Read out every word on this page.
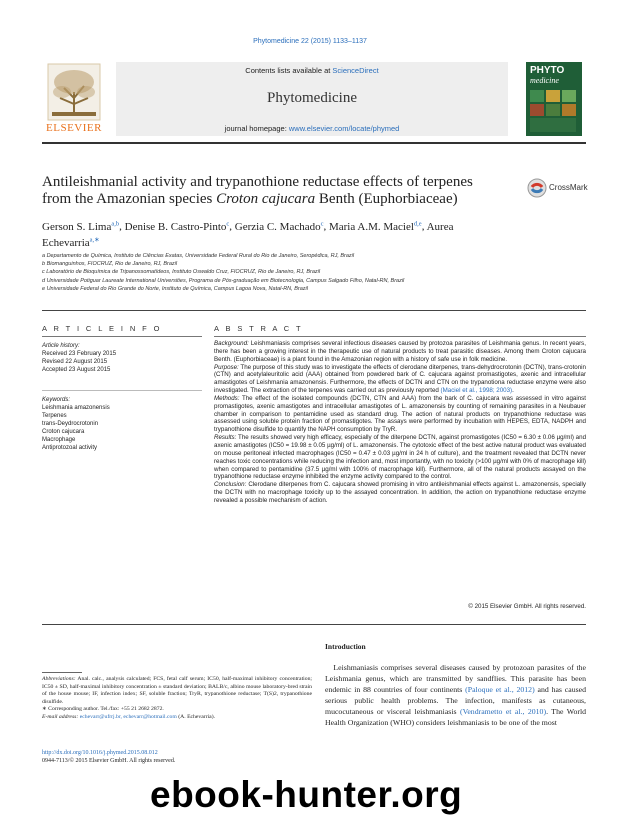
Phytomedicine 22 (2015) 1133–1137
Contents lists available at ScienceDirect
Phytomedicine
journal homepage: www.elsevier.com/locate/phymed
ELSEVIER
PHYTO
medicine
Antileishmanial activity and trypanothione reductase effects of terpenes
from the Amazonian species Croton cajucara Benth (Euphorbiaceae)
CrossMark
Gerson S. Lima$^{a,b}$, Denise B. Castro-Pinto$^c$, Gerzia C. Machado$^c$, Maria A.M. Maciel$^{d,e}$, Aurea Echevarria$^{a,∗}$
a Departamento de Química, Instituto de Ciências Exatas, Universidade Federal Rural do Rio de Janeiro, Seropédica, RJ, Brazil
b Biomanguinhos, FIOCRUZ, Rio de Janeiro, RJ, Brazil
c Laboratório de Bioquímica de Tripanossomatídeos, Instituto Oswaldo Cruz, FIOCRUZ, Rio de Janeiro, RJ, Brazil
d Universidade Potiguar Laureate International Universities, Programa de Pós-graduação em Biotecnologia, Campus Salgado Filho, Natal-RN, Brazil
e Universidade Federal do Rio Grande do Norte, Instituto de Química, Campus Lagoa Nova, Natal-RN, Brazil
A R T I C L E I N F O	A B S T R A C T
Article history:
Received 23 February 2015
Revised 22 August 2015
Accepted 23 August 2015
Keywords:
Leishmania amazonensis
Terpenes
trans-Deydrocrotonin
Croton cajucara
Macrophage
Antiprotozoal activity

Background: Leishmaniasis comprises several infectious diseases caused by protozoa parasites of Leishmania genus. In recent years, there has been a growing interest in the therapeutic use of natural products to treat parasitic diseases. Among them Croton cajucara Benth. (Euphorbiaceae) is a plant found in the Amazonian region with a history of safe use in folk medicine.

Purpose: The purpose of this study was to investigate the effects of clerodane diterpenes, trans-dehydrocrotonin (DCTN), trans-crotonin (CTN) and acetylaleuritolic acid (AAA) obtained from powdered bark of C. cajucara against promastigotes, axenic and intracellular amastigotes of Leishmania amazonensis. Furthermore, the effects of DCTN and CTN on the trypanotiona reductase enzyme were also investigated. The extraction of the terpenes was carried out as previously reported (Maciel et al., 1998; 2003).

Methods: The effect of the isolated compounds (DCTN, CTN and AAA) from the bark of C. cajucara was assessed in vitro against promastigotes, axenic amastigotes and intracellular amastigotes of L. amazonensis by counting of remaining parasites in a Neubauer chamber in comparison to pentamidine used as standard drug. The action of natural products on trypanothione reductase was assessed using soluble protein fraction of promastigotes. The assays were performed by incubation with HEPES, EDTA, NADPH and trypanothione disulfide to quantify the NAPH consumption by TryR.

Results: The results showed very high efficacy, especially of the diterpene DCTN, against promastigotes (IC50 = 6.30 ± 0.06 µg/ml) and axenic amastigotes (IC50 = 19.98 ± 0.05 µg/ml) of L. amazonensis. The cytotoxic effect of the best active natural product was evaluated on mouse peritoneal infected macrophages (IC50 = 0.47 ± 0.03 µg/ml in 24 h of culture), and the treatment revealed that DCTN never reaches toxic concentrations while reducing the infection and, most importantly, with no toxicity (>100 µg/ml with 0% of macrophage kill) when compared to pentamidine (37.5 µg/ml with 100% of macrophage kill). Furthermore, all of the natural products assayed on the trypanothione reductase enzyme inhibited the enzyme activity compared to the control.

Conclusion: Clerodane diterpenes from C. cajucara showed promising in vitro antileishmanial effects against L. amazonensis, specially the DCTN with no macrophage toxicity up to the assayed concentration. In addition, the action on trypanothione reductase enzyme revealed a possible mechanism of action.

© 2015 Elsevier GmbH. All rights reserved.
Introduction
Leishmaniasis comprises several diseases caused by protozoan parasites of the Leishmania genus, which are transmitted by sandflies. This parasite has been endemic in 88 countries of four continents (Paloque et al., 2012) and has caused serious public health problems. The infection, manifests as cutaneous, mucocutaneous or visceral leishmaniasis (Vendrametto et al., 2010). The World Health Organization (WHO) considers leishmaniasis to be one of the most
Abbreviations: Anal. calc., analysis calculated; FCS, fetal calf serum; IC50, half-maximal inhibitory concentration; IC50 ± SD, half-maximal inhibitory concentration ± standard deviation; BALB/c, albino mouse laboratory-bred strain of the house mouse; IF, infection index; SF, soluble fraction; TryR, trypanothione reductase; T(S)2, trypanothione disulfide.
∗ Corresponding author. Tel./fax: +55 21 2682 2872.
E-mail address: echevarr@ufrrj.br, echevarr@hotmail.com (A. Echevarria).
http://dx.doi.org/10.1016/j.phymed.2015.08.012
0944-7113/© 2015 Elsevier GmbH. All rights reserved.
ebook-hunter.org
